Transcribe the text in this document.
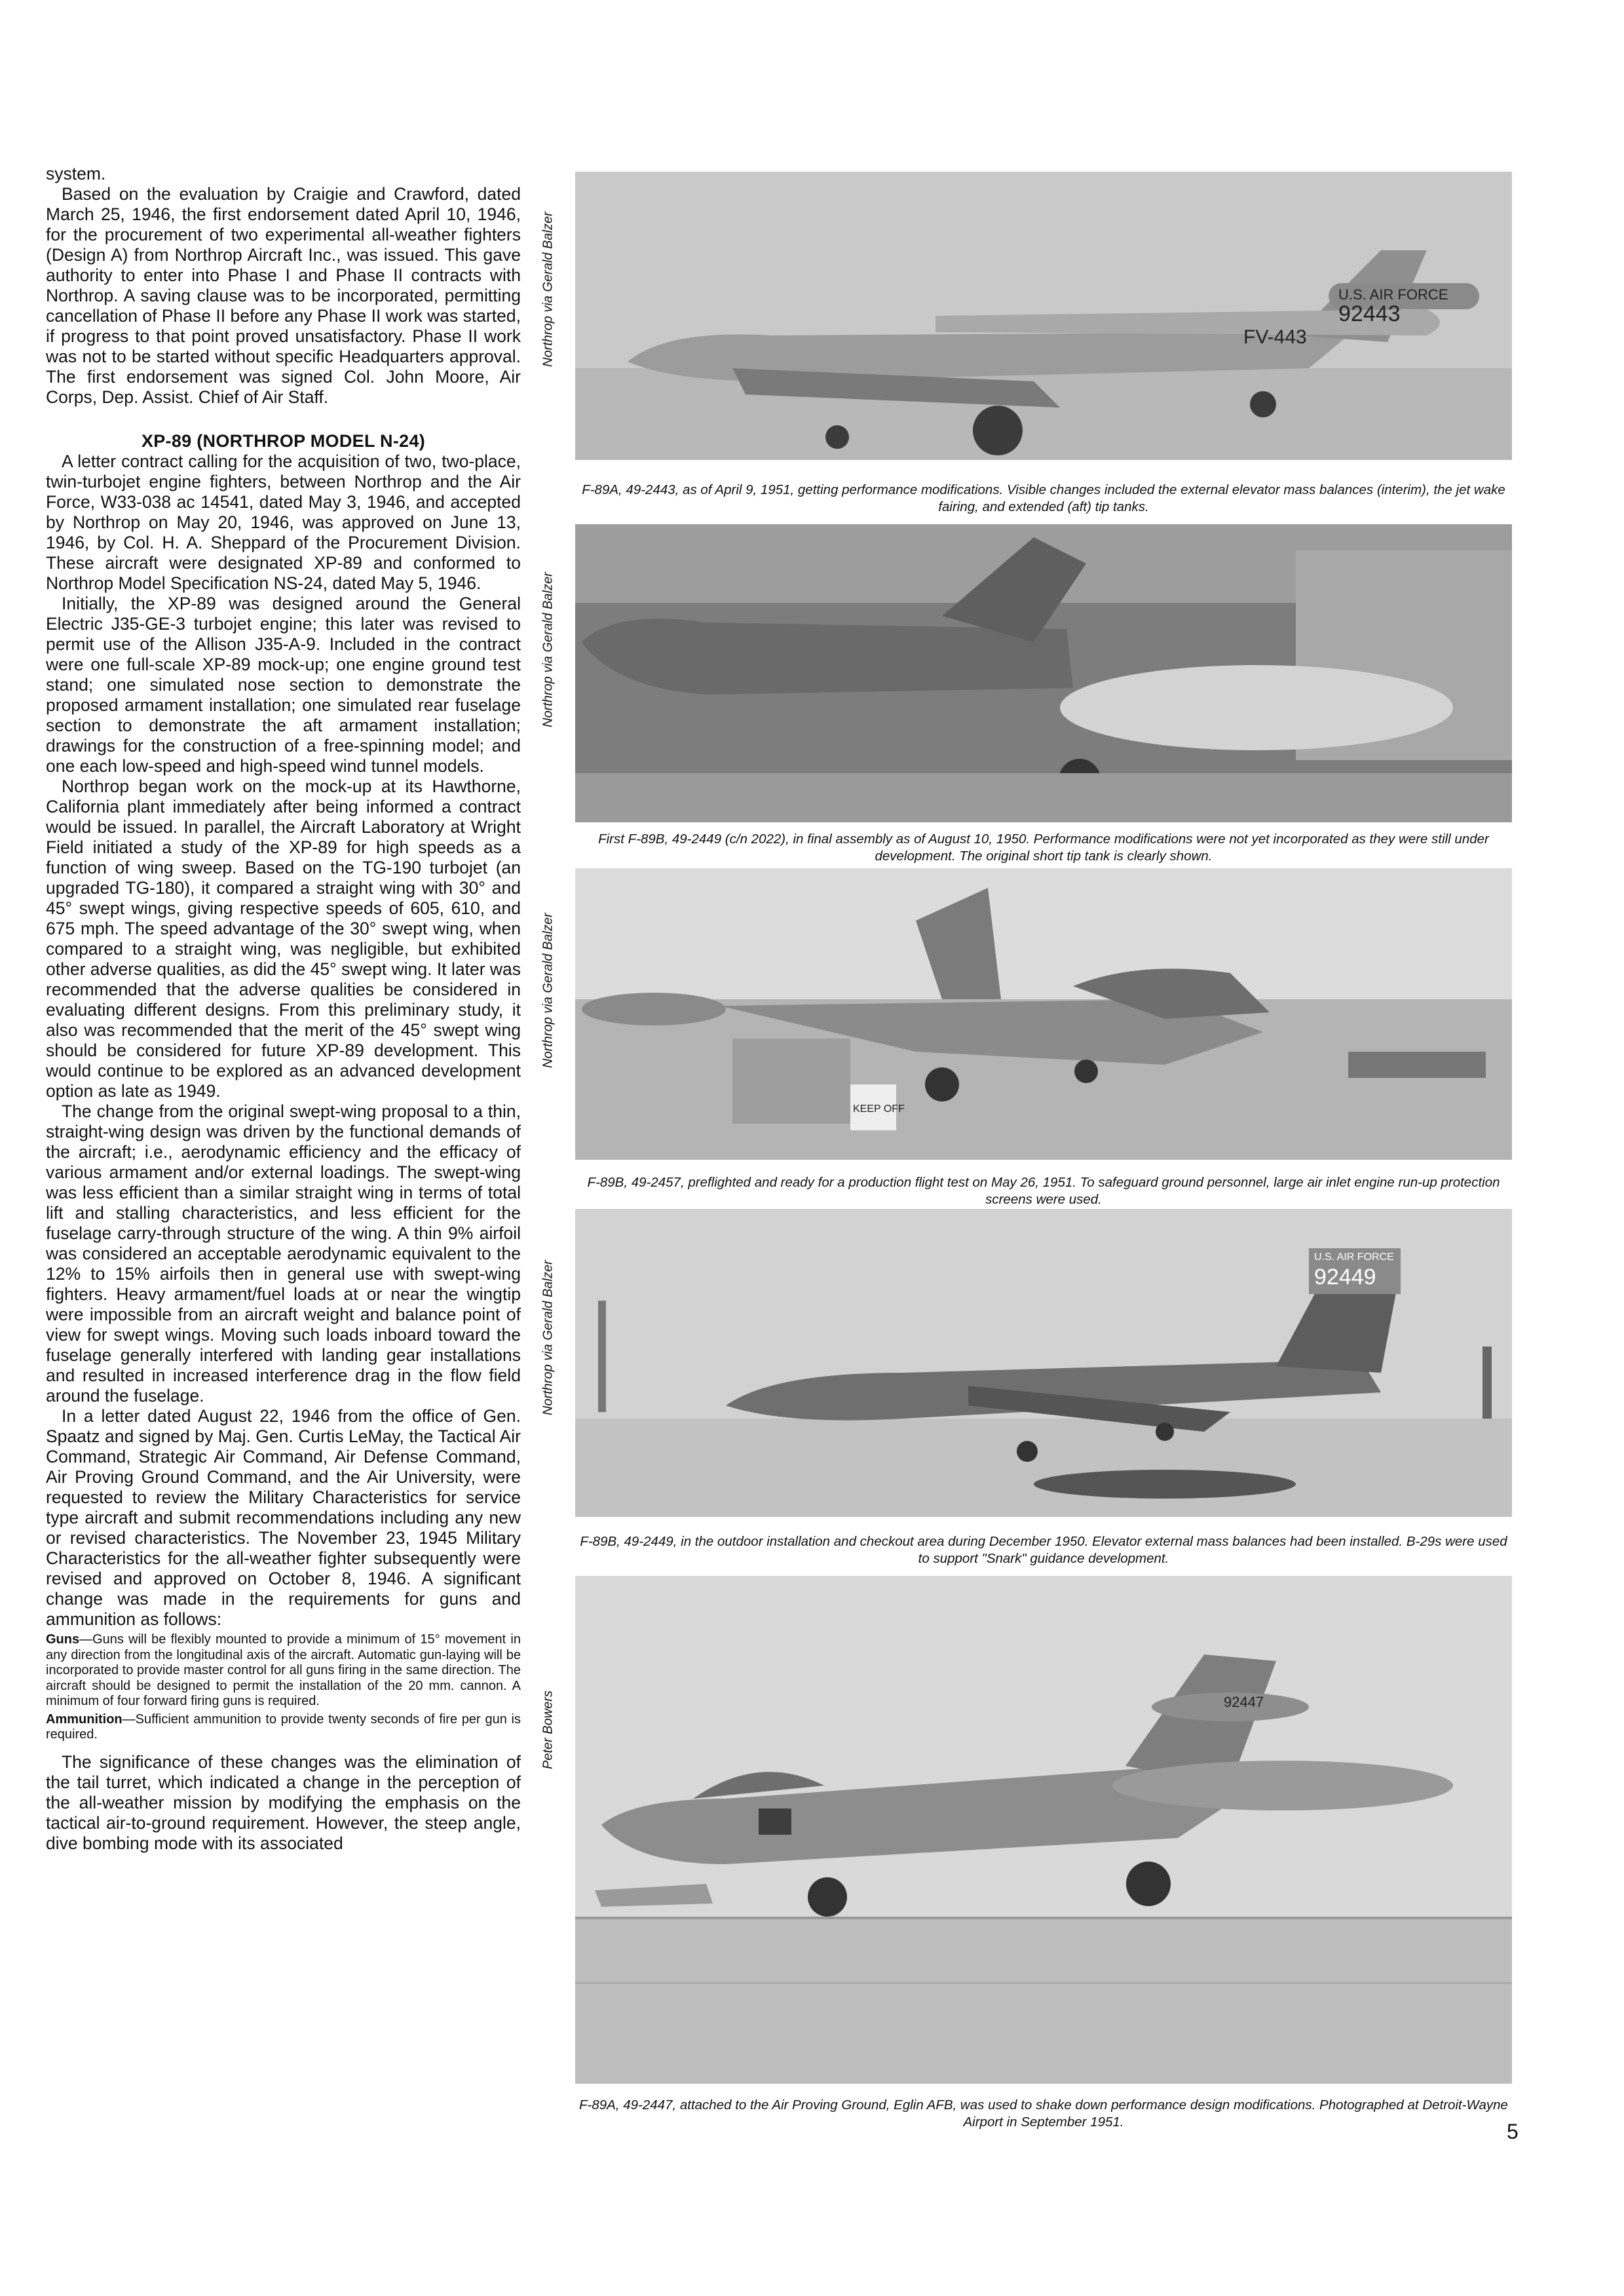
system.

Based on the evaluation by Craigie and Crawford, dated March 25, 1946, the first endorsement dated April 10, 1946, for the procurement of two experimental all-weather fighters (Design A) from Northrop Aircraft Inc., was issued. This gave authority to enter into Phase I and Phase II contracts with Northrop. A saving clause was to be incorporated, permitting cancellation of Phase II before any Phase II work was started, if progress to that point proved unsatisfactory. Phase II work was not to be started without specific Headquarters approval. The first endorsement was signed Col. John Moore, Air Corps, Dep. Assist. Chief of Air Staff.

XP-89 (NORTHROP MODEL N-24)

A letter contract calling for the acquisition of two, two-place, twin-turbojet engine fighters, between Northrop and the Air Force, W33-038 ac 14541, dated May 3, 1946, and accepted by Northrop on May 20, 1946, was approved on June 13, 1946, by Col. H. A. Sheppard of the Procurement Division. These aircraft were designated XP-89 and conformed to Northrop Model Specification NS-24, dated May 5, 1946.

Initially, the XP-89 was designed around the General Electric J35-GE-3 turbojet engine; this later was revised to permit use of the Allison J35-A-9. Included in the contract were one full-scale XP-89 mock-up; one engine ground test stand; one simulated nose section to demonstrate the proposed armament installation; one simulated rear fuselage section to demonstrate the aft armament installation; drawings for the construction of a free-spinning model; and one each low-speed and high-speed wind tunnel models.

Northrop began work on the mock-up at its Hawthorne, California plant immediately after being informed a contract would be issued. In parallel, the Aircraft Laboratory at Wright Field initiated a study of the XP-89 for high speeds as a function of wing sweep. Based on the TG-190 turbojet (an upgraded TG-180), it compared a straight wing with 30° and 45° swept wings, giving respective speeds of 605, 610, and 675 mph. The speed advantage of the 30° swept wing, when compared to a straight wing, was negligible, but exhibited other adverse qualities, as did the 45° swept wing. It later was recommended that the adverse qualities be considered in evaluating different designs. From this preliminary study, it also was recommended that the merit of the 45° swept wing should be considered for future XP-89 development. This would continue to be explored as an advanced development option as late as 1949.

The change from the original swept-wing proposal to a thin, straight-wing design was driven by the functional demands of the aircraft; i.e., aerodynamic efficiency and the efficacy of various armament and/or external loadings. The swept-wing was less efficient than a similar straight wing in terms of total lift and stalling characteristics, and less efficient for the fuselage carry-through structure of the wing. A thin 9% airfoil was considered an acceptable aerodynamic equivalent to the 12% to 15% airfoils then in general use with swept-wing fighters. Heavy armament/fuel loads at or near the wingtip were impossible from an aircraft weight and balance point of view for swept wings. Moving such loads inboard toward the fuselage generally interfered with landing gear installations and resulted in increased interference drag in the flow field around the fuselage.

In a letter dated August 22, 1946 from the office of Gen. Spaatz and signed by Maj. Gen. Curtis LeMay, the Tactical Air Command, Strategic Air Command, Air Defense Command, Air Proving Ground Command, and the Air University, were requested to review the Military Characteristics for service type aircraft and submit recommendations including any new or revised characteristics. The November 23, 1945 Military Characteristics for the all-weather fighter subsequently were revised and approved on October 8, 1946. A significant change was made in the requirements for guns and ammunition as follows:

Guns—Guns will be flexibly mounted to provide a minimum of 15° movement in any direction from the longitudinal axis of the aircraft. Automatic gun-laying will be incorporated to provide master control for all guns firing in the same direction. The aircraft should be designed to permit the installation of the 20 mm. cannon. A minimum of four forward firing guns is required.

Ammunition—Sufficient ammunition to provide twenty seconds of fire per gun is required.

The significance of these changes was the elimination of the tail turret, which indicated a change in the perception of the all-weather mission by modifying the emphasis on the tactical air-to-ground requirement. However, the steep angle, dive bombing mode with its associated

Northrop via Gerald Balzer	U.S. AIR FORCE
92443
FV-443
F-89A, 49-2443, as of April 9, 1951, getting performance modifications. Visible changes included the external elevator mass balances (interim), the jet wake fairing, and extended (aft) tip tanks.
Northrop via Gerald Balzer
First F-89B, 49-2449 (c/n 2022), in final assembly as of August 10, 1950. Performance modifications were not yet incorporated as they were still under development. The original short tip tank is clearly shown.
Northrop via Gerald Balzer
KEEP OFF
F-89B, 49-2457, preflighted and ready for a production flight test on May 26, 1951. To safeguard ground personnel, large air inlet engine run-up protection screens were used.
Northrop via Gerald Balzer
U.S. AIR FORCE
92449
F-89B, 49-2449, in the outdoor installation and checkout area during December 1950. Elevator external mass balances had been installed. B-29s were used to support "Snark" guidance development.
Peter Bowers	92447
F-89A, 49-2447, attached to the Air Proving Ground, Eglin AFB, was used to shake down performance design modifications. Photographed at Detroit-Wayne Airport in September 1951.	5
